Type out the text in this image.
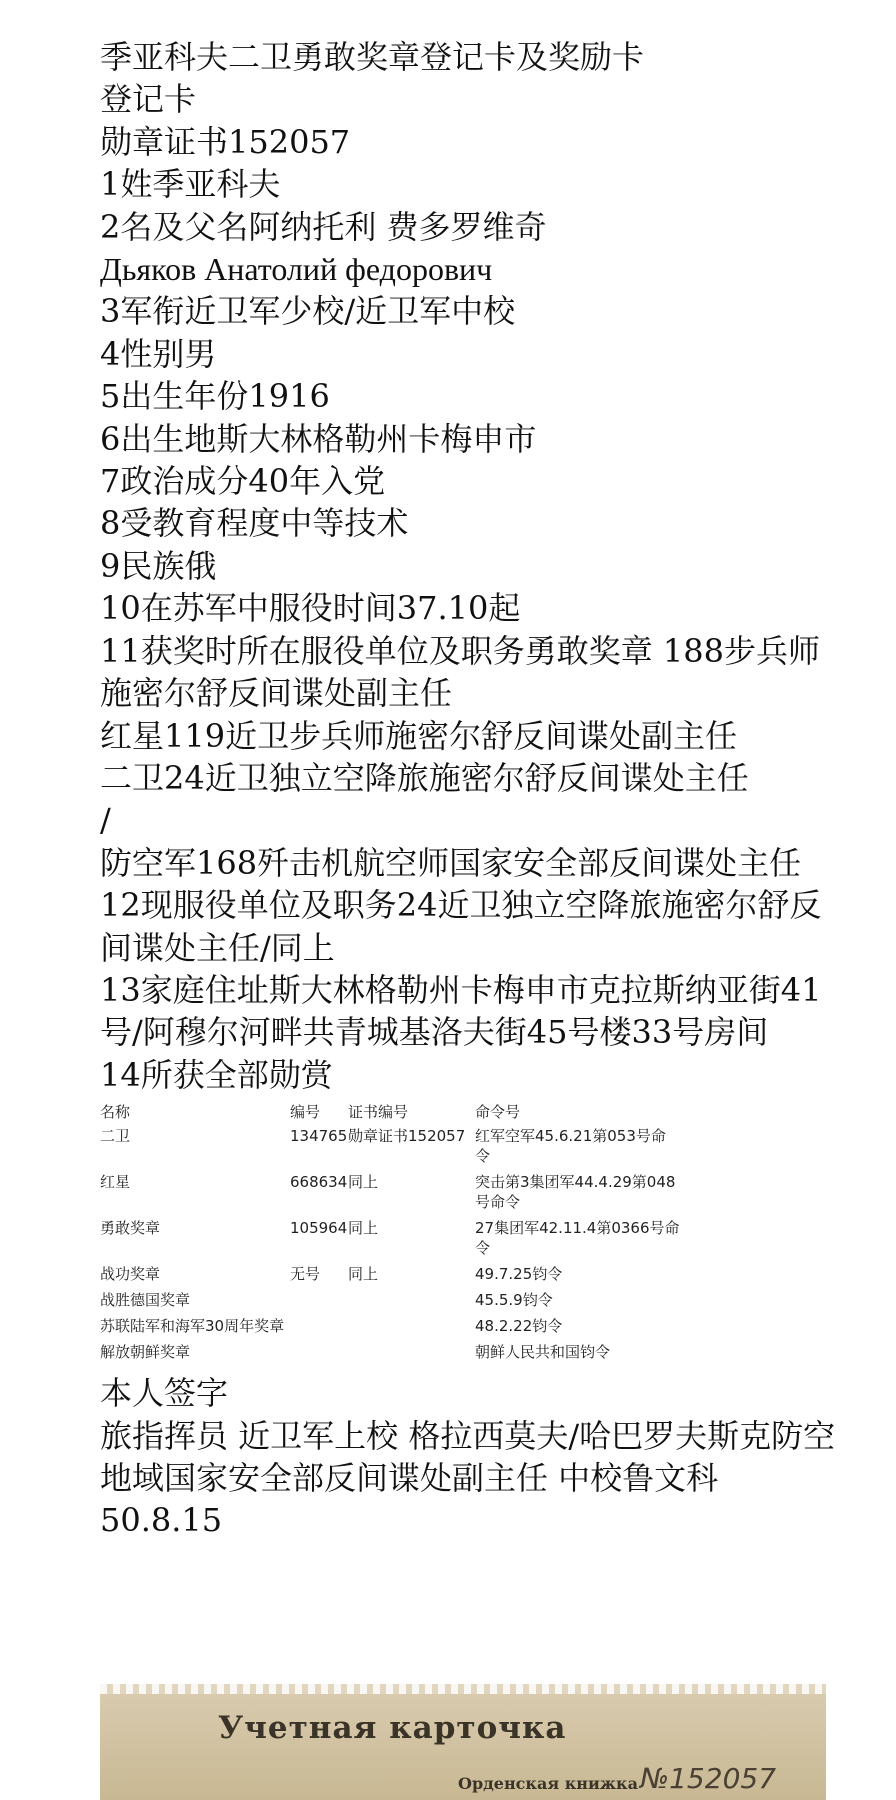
季亚科夫二卫勇敢奖章登记卡及奖励卡

登记卡

勋章证书152057

1姓季亚科夫

2名及父名阿纳托利 费多罗维奇

Дьяков Анатолий федорович

3军衔近卫军少校/近卫军中校

4性别男

5出生年份1916

6出生地斯大林格勒州卡梅申市

7政治成分40年入党

8受教育程度中等技术

9民族俄

10在苏军中服役时间37.10起

11获奖时所在服役单位及职务勇敢奖章 188步兵师施密尔舒反间谍处副主任

红星119近卫步兵师施密尔舒反间谍处副主任

二卫24近卫独立空降旅施密尔舒反间谍处主任

/

防空军168歼击机航空师国家安全部反间谍处主任

12现服役单位及职务24近卫独立空降旅施密尔舒反间谍处主任/同上

13家庭住址斯大林格勒州卡梅申市克拉斯纳亚街41号/阿穆尔河畔共青城基洛夫街45号楼33号房间

14所获全部勋赏

名称	编号	证书编号	命令号
二卫	134765	勋章证书152057	红军空军45.6.21第053号命令
红星	668634	同上	突击第3集团军44.4.29第048号命令
勇敢奖章	105964	同上	27集团军42.11.4第0366号命令
战功奖章	无号	同上	49.7.25钧令
战胜德国奖章			45.5.9钧令
苏联陆军和海军30周年奖章			48.2.22钧令
解放朝鲜奖章			朝鲜人民共和国钧令

本人签字

旅指挥员 近卫军上校 格拉西莫夫/哈巴罗夫斯克防空地域国家安全部反间谍处副主任 中校鲁文科

50.8.15

Учетная карточка
Орденская книжка №152057
